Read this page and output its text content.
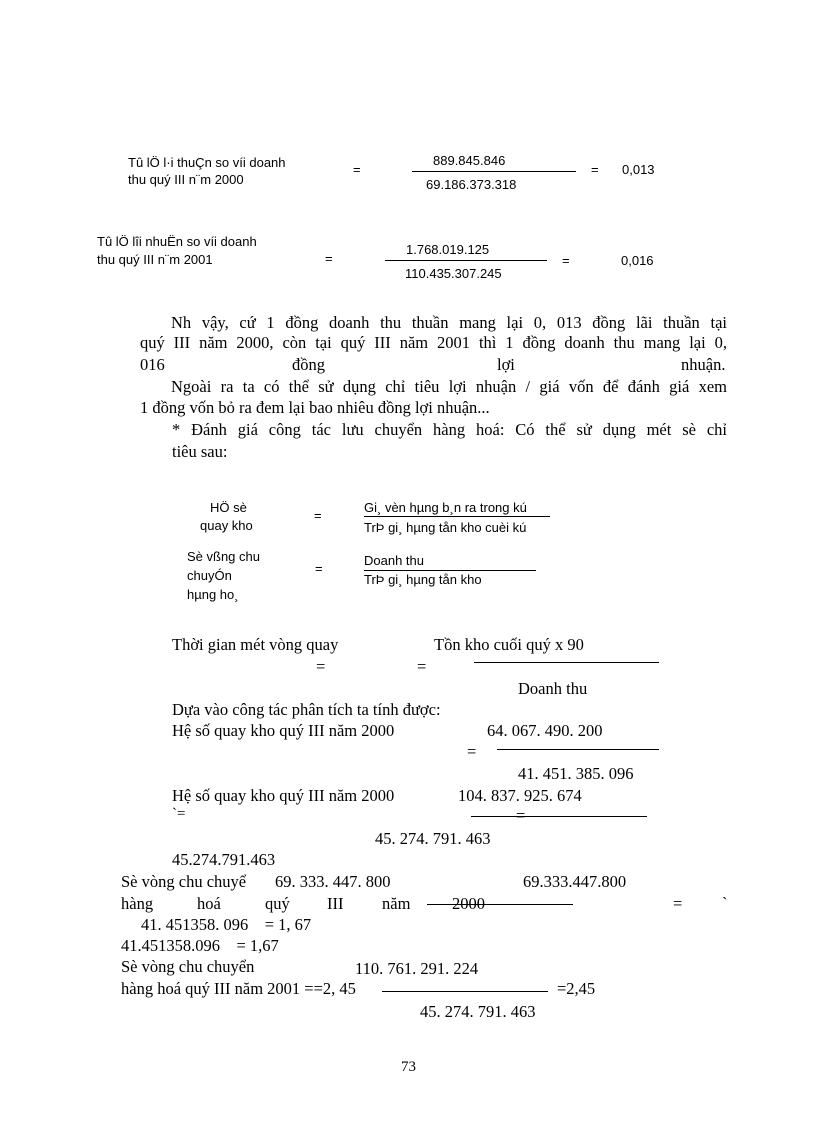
Tû lÖ l·i thuÇn so víi doanh
thu quý III n¨m 2000
=
889.845.846
69.186.373.318
= 0,013
Tû lÖ lîi nhuËn so víi doanh
thu quý III n¨m 2001	=
1.768.019.125
110.435.307.245
=	0,016
Nh vậy, cứ 1 đồng doanh thu thuần mang lại 0, 013 đồng lãi thuần tại
quý III năm 2000, còn tại quý III năm 2001 thì 1 đồng doanh thu mang lại 0,
016	đồng	lợi	nhuận.
Ngoài ra ta có thể sử dụng chỉ tiêu lợi nhuận / giá vốn để đánh giá xem
1 đồng vốn bỏ ra đem lại bao nhiêu đồng lợi nhuận...
* Đánh giá công tác lưu chuyển hàng hoá: Có thể sử dụng mét sè chỉ
tiêu sau:
HÖ sè
quay kho
=
Gi¸ vèn hµng b¸n ra trong kú
TrÞ gi¸ hµng tån kho cuèi kú
Sè vßng chu
chuyÓn
hµng ho¸
=
Doanh thu
TrÞ gi¸ hµng tån kho
Thời gian mét vòng quay	Tồn kho cuối quý x 90
=	=
Doanh thu
Dựa vào công tác phân tích ta tính được:
Hệ số quay kho quý III năm 2000	64. 067. 490. 200
=
41. 451. 385. 096
Hệ số quay kho quý III năm 2000	104. 837. 925. 674
`=	=
45. 274. 791. 463
45.274.791.463
Sè vòng chu chuyể 69. 333. 447. 800	69.333.447.800
hàng	hoá	quý III năm	2000	= `
41. 451358. 096    = 1, 67
41.451358.096    = 1,67
Sè vòng chu chuyển	110. 761. 291. 224
hàng hoá quý III năm 2001 ==2, 45	=2,45
45. 274. 791. 463
73
